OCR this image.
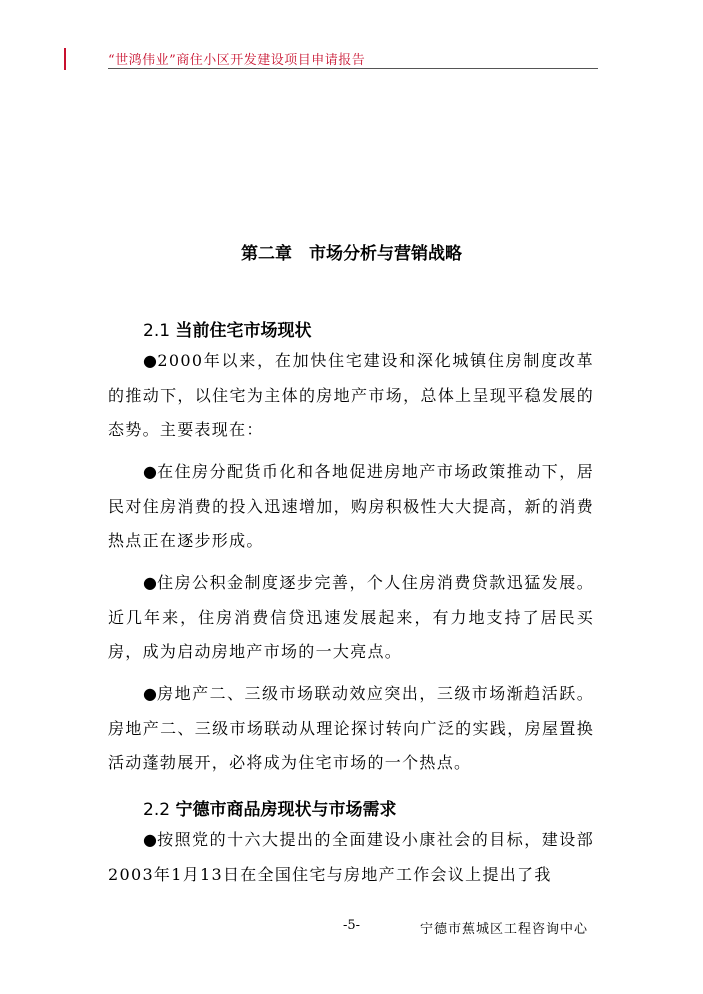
“世鸿伟业”商住小区开发建设项目申请报告
第二章　市场分析与营销战略
2.1 当前住宅市场现状

●2000年以来，在加快住宅建设和深化城镇住房制度改革的推动下，以住宅为主体的房地产市场，总体上呈现平稳发展的态势。主要表现在：

●在住房分配货币化和各地促进房地产市场政策推动下，居民对住房消费的投入迅速增加，购房积极性大大提高，新的消费热点正在逐步形成。

●住房公积金制度逐步完善，个人住房消费贷款迅猛发展。近几年来，住房消费信贷迅速发展起来，有力地支持了居民买房，成为启动房地产市场的一大亮点。

●房地产二、三级市场联动效应突出，三级市场渐趋活跃。房地产二、三级市场联动从理论探讨转向广泛的实践，房屋置换活动蓬勃展开，必将成为住宅市场的一个热点。

2.2 宁德市商品房现状与市场需求

●按照党的十六大提出的全面建设小康社会的目标，建设部2003年1月13日在全国住宅与房地产工作会议上提出了我

-5-	宁德市蕉城区工程咨询中心
